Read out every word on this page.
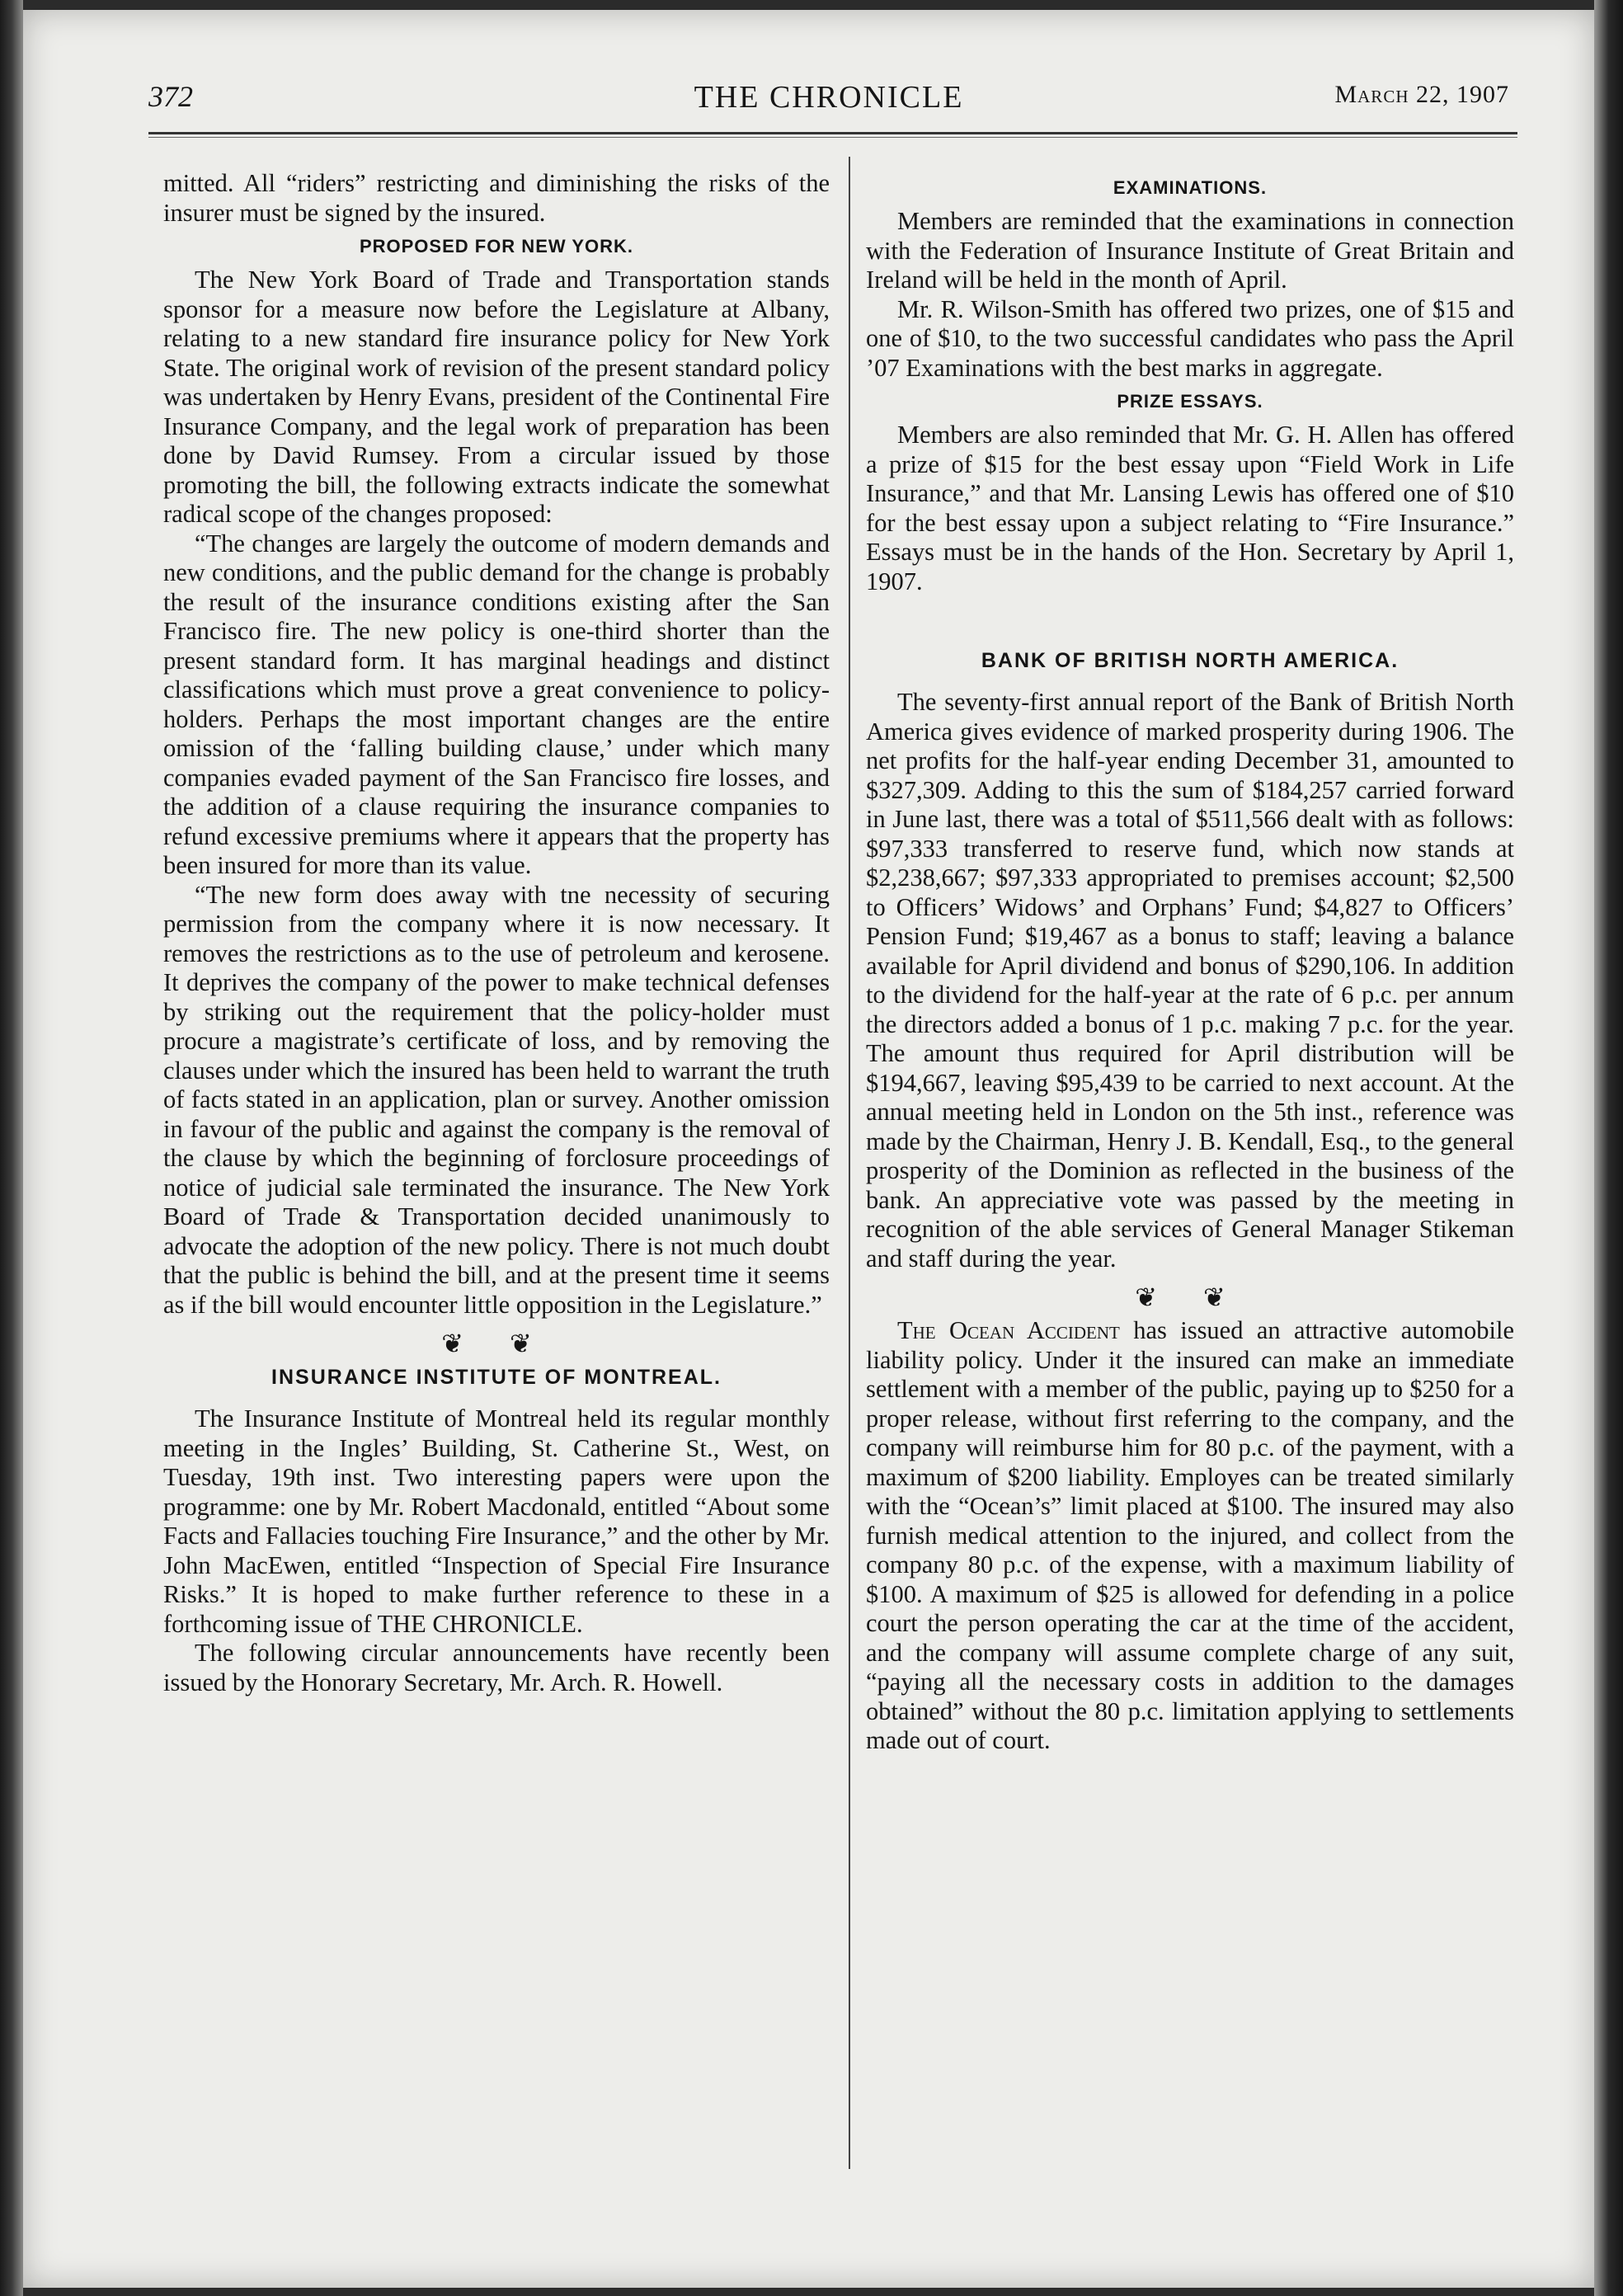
372	THE CHRONICLE	March 22, 1907

mitted. All “riders” restricting and diminishing the risks of the insurer must be signed by the insured.

PROPOSED FOR NEW YORK.

The New York Board of Trade and Transportation stands sponsor for a measure now before the Legislature at Albany, relating to a new standard fire insurance policy for New York State. The original work of revision of the present standard policy was undertaken by Henry Evans, president of the Continental Fire Insurance Company, and the legal work of preparation has been done by David Rumsey. From a circular issued by those promoting the bill, the following extracts indicate the somewhat radical scope of the changes proposed:

“The changes are largely the outcome of modern demands and new conditions, and the public demand for the change is probably the result of the insurance conditions existing after the San Francisco fire. The new policy is one-third shorter than the present standard form. It has marginal headings and distinct classifications which must prove a great convenience to policy-holders. Perhaps the most important changes are the entire omission of the ‘falling building clause,’ under which many companies evaded payment of the San Francisco fire losses, and the addition of a clause requiring the insurance companies to refund excessive premiums where it appears that the property has been insured for more than its value.

“The new form does away with tne necessity of securing permission from the company where it is now necessary. It removes the restrictions as to the use of petroleum and kerosene. It deprives the company of the power to make technical defenses by striking out the requirement that the policy-holder must procure a magistrate’s certificate of loss, and by removing the clauses under which the insured has been held to warrant the truth of facts stated in an application, plan or survey. Another omission in favour of the public and against the company is the removal of the clause by which the beginning of forclosure proceedings of notice of judicial sale terminated the insurance. The New York Board of Trade & Transportation decided unanimously to advocate the adoption of the new policy. There is not much doubt that the public is behind the bill, and at the present time it seems as if the bill would encounter little opposition in the Legislature.”

❦ ❦
INSURANCE INSTITUTE OF MONTREAL.

The Insurance Institute of Montreal held its regular monthly meeting in the Ingles’ Building, St. Catherine St., West, on Tuesday, 19th inst. Two interesting papers were upon the programme: one by Mr. Robert Macdonald, entitled “About some Facts and Fallacies touching Fire Insurance,” and the other by Mr. John MacEwen, entitled “Inspection of Special Fire Insurance Risks.” It is hoped to make further reference to these in a forthcoming issue of THE CHRONICLE.

The following circular announcements have recently been issued by the Honorary Secretary, Mr. Arch. R. Howell.

EXAMINATIONS.

Members are reminded that the examinations in connection with the Federation of Insurance Institute of Great Britain and Ireland will be held in the month of April.

Mr. R. Wilson-Smith has offered two prizes, one of $15 and one of $10, to the two successful candidates who pass the April ’07 Examinations with the best marks in aggregate.

PRIZE ESSAYS.

Members are also reminded that Mr. G. H. Allen has offered a prize of $15 for the best essay upon “Field Work in Life Insurance,” and that Mr. Lansing Lewis has offered one of $10 for the best essay upon a subject relating to “Fire Insurance.” Essays must be in the hands of the Hon. Secretary by April 1, 1907.

BANK OF BRITISH NORTH AMERICA.

The seventy-first annual report of the Bank of British North America gives evidence of marked prosperity during 1906. The net profits for the half-year ending December 31, amounted to $327,309. Adding to this the sum of $184,257 carried forward in June last, there was a total of $511,566 dealt with as follows: $97,333 transferred to reserve fund, which now stands at $2,238,667; $97,333 appropriated to premises account; $2,500 to Officers’ Widows’ and Orphans’ Fund; $4,827 to Officers’ Pension Fund; $19,467 as a bonus to staff; leaving a balance available for April dividend and bonus of $290,106. In addition to the dividend for the half-year at the rate of 6 p.c. per annum the directors added a bonus of 1 p.c. making 7 p.c. for the year. The amount thus required for April distribution will be $194,667, leaving $95,439 to be carried to next account. At the annual meeting held in London on the 5th inst., reference was made by the Chairman, Henry J. B. Kendall, Esq., to the general prosperity of the Dominion as reflected in the business of the bank. An appreciative vote was passed by the meeting in recognition of the able services of General Manager Stikeman and staff during the year.

❦ ❦

The Ocean Accident has issued an attractive automobile liability policy. Under it the insured can make an immediate settlement with a member of the public, paying up to $250 for a proper release, without first referring to the company, and the company will reimburse him for 80 p.c. of the payment, with a maximum of $200 liability. Employes can be treated similarly with the “Ocean’s” limit placed at $100. The insured may also furnish medical attention to the injured, and collect from the company 80 p.c. of the expense, with a maximum liability of $100. A maximum of $25 is allowed for defending in a police court the person operating the car at the time of the accident, and the company will assume complete charge of any suit, “paying all the necessary costs in addition to the damages obtained” without the 80 p.c. limitation applying to settlements made out of court.
